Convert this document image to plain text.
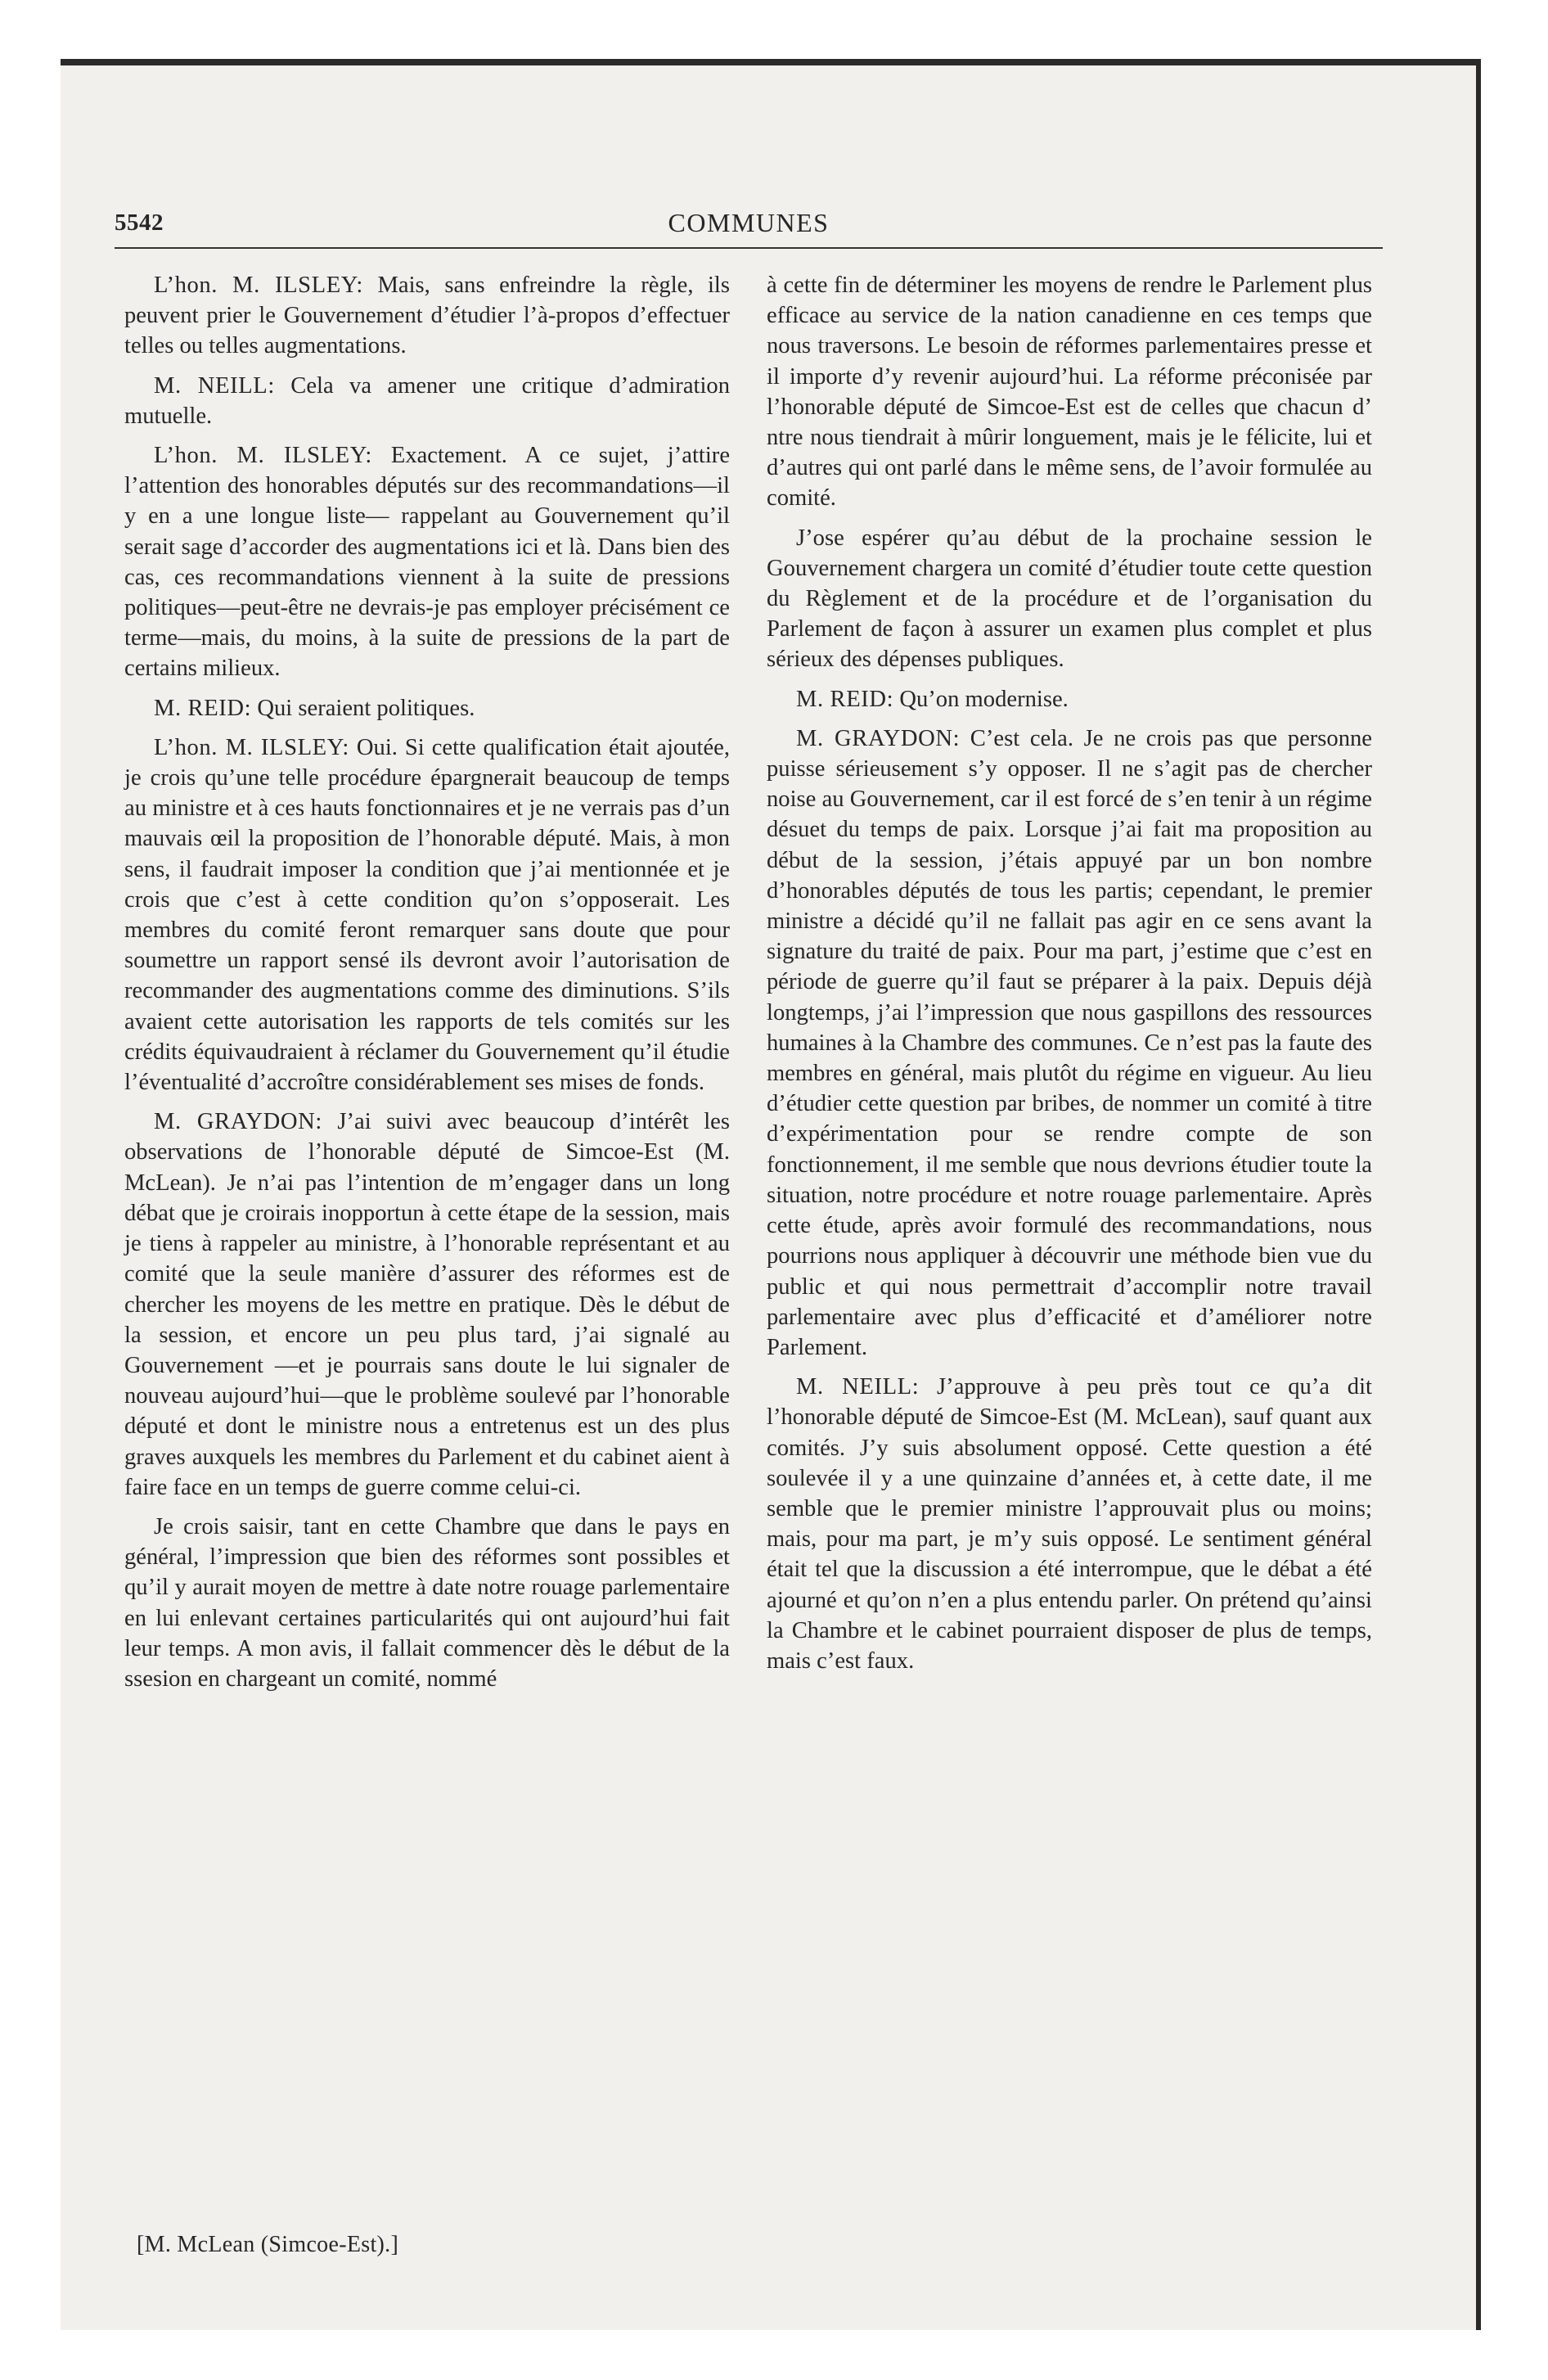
5542	COMMUNES

L’hon. M. ILSLEY: Mais, sans enfreindre la règle, ils peuvent prier le Gouvernement d’étudier l’à-propos d’effectuer telles ou telles augmentations.

M. NEILL: Cela va amener une critique d’admiration mutuelle.

L’hon. M. ILSLEY: Exactement. A ce sujet, j’attire l’attention des honorables députés sur des recommandations—il y en a une longue liste— rappelant au Gouvernement qu’il serait sage d’accorder des augmentations ici et là. Dans bien des cas, ces recommandations viennent à la suite de pressions politiques—peut-être ne devrais-je pas employer précisément ce terme—mais, du moins, à la suite de pressions de la part de certains milieux.

M. REID: Qui seraient politiques.

L’hon. M. ILSLEY: Oui. Si cette qualification était ajoutée, je crois qu’une telle procédure épargnerait beaucoup de temps au ministre et à ces hauts fonctionnaires et je ne verrais pas d’un mauvais œil la proposition de l’honorable député. Mais, à mon sens, il faudrait imposer la condition que j’ai mentionnée et je crois que c’est à cette condition qu’on s’opposerait. Les membres du comité feront remarquer sans doute que pour soumettre un rapport sensé ils devront avoir l’autorisation de recommander des augmentations comme des diminutions. S’ils avaient cette autorisation les rapports de tels comités sur les crédits équivaudraient à réclamer du Gouvernement qu’il étudie l’éventualité d’accroître considérablement ses mises de fonds.

M. GRAYDON: J’ai suivi avec beaucoup d’intérêt les observations de l’honorable député de Simcoe-Est (M. McLean). Je n’ai pas l’intention de m’engager dans un long débat que je croirais inopportun à cette étape de la session, mais je tiens à rappeler au ministre, à l’honorable représentant et au comité que la seule manière d’assurer des réformes est de chercher les moyens de les mettre en pratique. Dès le début de la session, et encore un peu plus tard, j’ai signalé au Gouvernement —et je pourrais sans doute le lui signaler de nouveau aujourd’hui—que le problème soulevé par l’honorable député et dont le ministre nous a entretenus est un des plus graves auxquels les membres du Parlement et du cabinet aient à faire face en un temps de guerre comme celui-ci.

Je crois saisir, tant en cette Chambre que dans le pays en général, l’impression que bien des réformes sont possibles et qu’il y aurait moyen de mettre à date notre rouage parlementaire en lui enlevant certaines particularités qui ont aujourd’hui fait leur temps. A mon avis, il fallait commencer dès le début de la ssesion en chargeant un comité, nommé

à cette fin de déterminer les moyens de rendre le Parlement plus efficace au service de la nation canadienne en ces temps que nous traversons. Le besoin de réformes parlementaires presse et il importe d’y revenir aujourd’hui. La réforme préconisée par l’honorable député de Simcoe-Est est de celles que chacun d’ ntre nous tiendrait à mûrir longuement, mais je le félicite, lui et d’autres qui ont parlé dans le même sens, de l’avoir formulée au comité.

J’ose espérer qu’au début de la prochaine session le Gouvernement chargera un comité d’étudier toute cette question du Règlement et de la procédure et de l’organisation du Parlement de façon à assurer un examen plus complet et plus sérieux des dépenses publiques.

M. REID: Qu’on modernise.

M. GRAYDON: C’est cela. Je ne crois pas que personne puisse sérieusement s’y opposer. Il ne s’agit pas de chercher noise au Gouvernement, car il est forcé de s’en tenir à un régime désuet du temps de paix. Lorsque j’ai fait ma proposition au début de la session, j’étais appuyé par un bon nombre d’honorables députés de tous les partis; cependant, le premier ministre a décidé qu’il ne fallait pas agir en ce sens avant la signature du traité de paix. Pour ma part, j’estime que c’est en période de guerre qu’il faut se préparer à la paix. Depuis déjà longtemps, j’ai l’impression que nous gaspillons des ressources humaines à la Chambre des communes. Ce n’est pas la faute des membres en général, mais plutôt du régime en vigueur. Au lieu d’étudier cette question par bribes, de nommer un comité à titre d’expérimentation pour se rendre compte de son fonctionnement, il me semble que nous devrions étudier toute la situation, notre procédure et notre rouage parlementaire. Après cette étude, après avoir formulé des recommandations, nous pourrions nous appliquer à découvrir une méthode bien vue du public et qui nous permettrait d’accomplir notre travail parlementaire avec plus d’efficacité et d’améliorer notre Parlement.

M. NEILL: J’approuve à peu près tout ce qu’a dit l’honorable député de Simcoe-Est (M. McLean), sauf quant aux comités. J’y suis absolument opposé. Cette question a été soulevée il y a une quinzaine d’années et, à cette date, il me semble que le premier ministre l’approuvait plus ou moins; mais, pour ma part, je m’y suis opposé. Le sentiment général était tel que la discussion a été interrompue, que le débat a été ajourné et qu’on n’en a plus entendu parler. On prétend qu’ainsi la Chambre et le cabinet pourraient disposer de plus de temps, mais c’est faux.

[M. McLean (Simcoe-Est).]
